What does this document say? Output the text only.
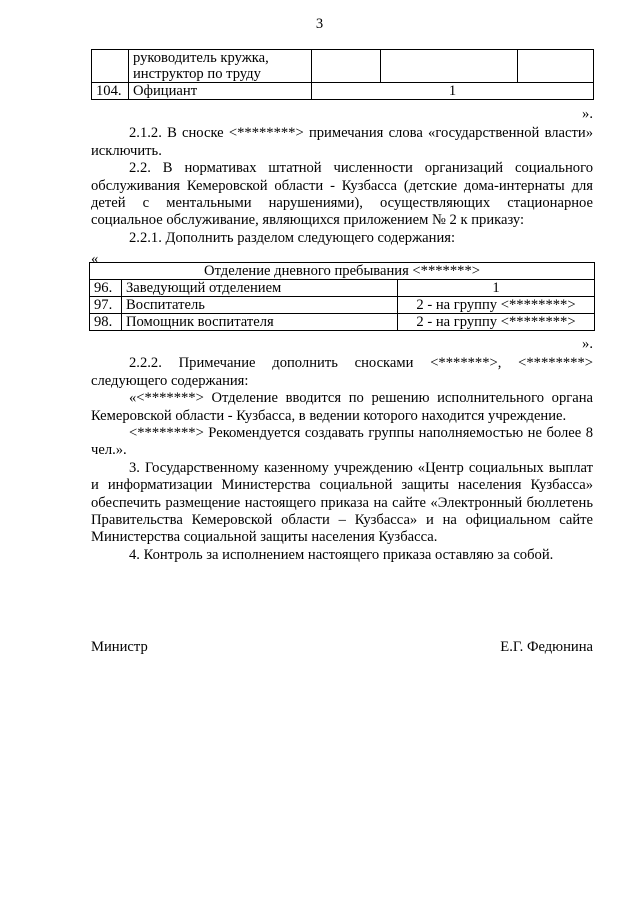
3
	руководитель кружка, инструктор по труду			
104.	Официант	1		
».

2.1.2. В сноске <********> примечания слова «государственной власти» исключить.

2.2. В нормативах штатной численности организаций социального обслуживания Кемеровской области - Кузбасса (детские дома-интернаты для детей с ментальными нарушениями), осуществляющих стационарное социальное обслуживание, являющихся приложением № 2 к приказу:

2.2.1. Дополнить разделом следующего содержания:

«
Отделение дневного пребывания <*******>		
96.	Заведующий отделением	1
97.	Воспитатель	2 - на группу <********>
98.	Помощник воспитателя	2 - на группу <********>
».

2.2.2. Примечание дополнить сносками <*******>, <********> следующего содержания:

«<*******> Отделение вводится по решению исполнительного органа Кемеровской области - Кузбасса, в ведении которого находится учреждение.

<********> Рекомендуется создавать группы наполняемостью не более 8 чел.».

3. Государственному казенному учреждению «Центр социальных выплат и информатизации Министерства социальной защиты населения Кузбасса» обеспечить размещение настоящего приказа на сайте «Электронный бюллетень Правительства Кемеровской области – Кузбасса» и на официальном сайте Министерства социальной защиты населения Кузбасса.

4. Контроль за исполнением настоящего приказа оставляю за собой.

Министр	Е.Г. Федюнина
